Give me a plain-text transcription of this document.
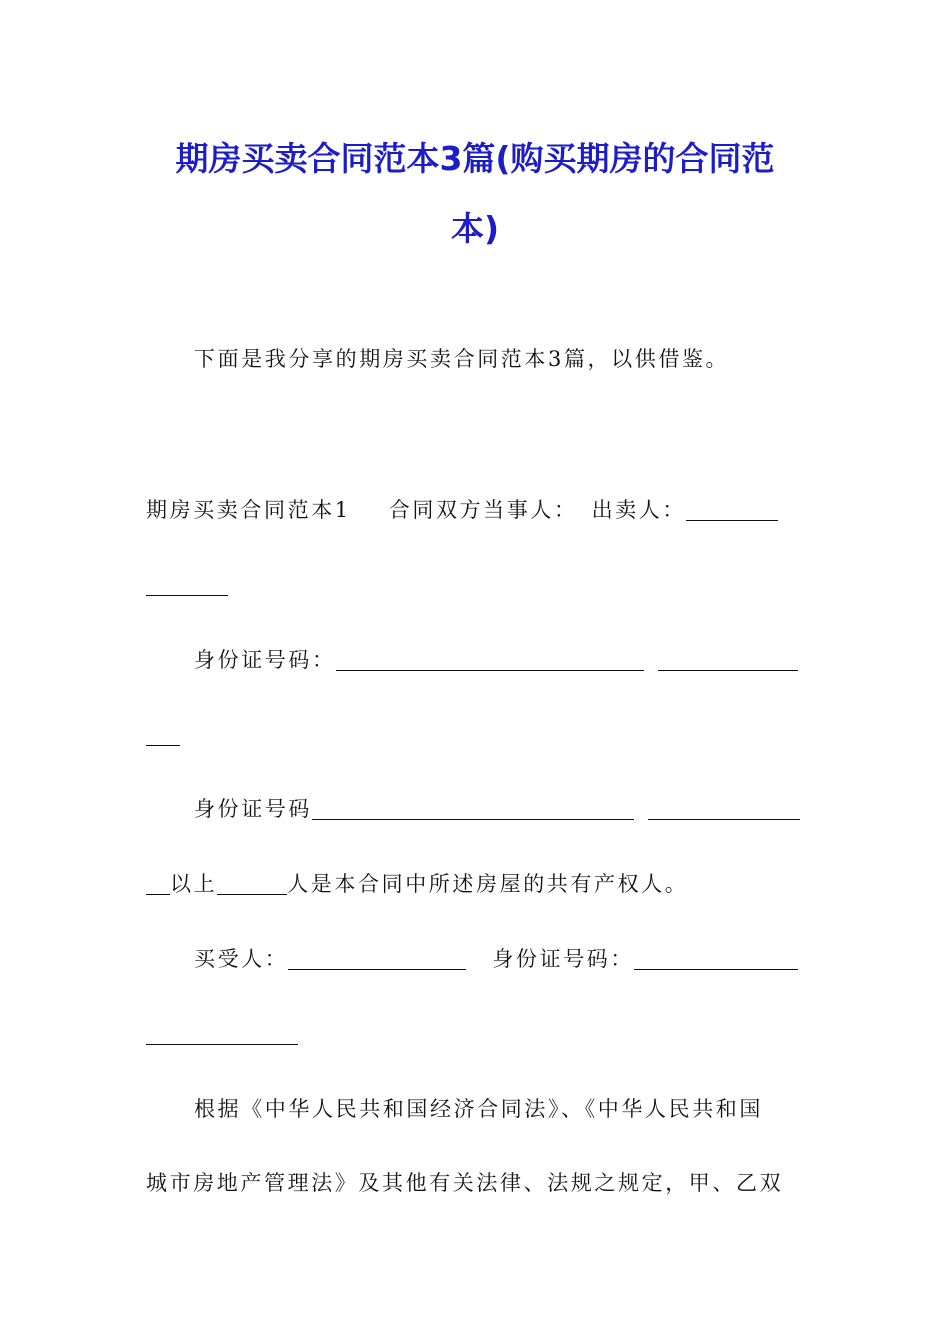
期房买卖合同范本3篇(购买期房的合同范
本)
下面是我分享的期房买卖合同范本3篇，以供借鉴。
期房买卖合同范本1 合同双方当事人： 出卖人：
身份证号码：
身份证号码
以上	人是本合同中所述房屋的共有产权人。
买受人：	身份证号码：
根据《中华人民共和国经济合同法》、《中华人民共和国
城市房地产管理法》及其他有关法律、法规之规定，甲、乙双
